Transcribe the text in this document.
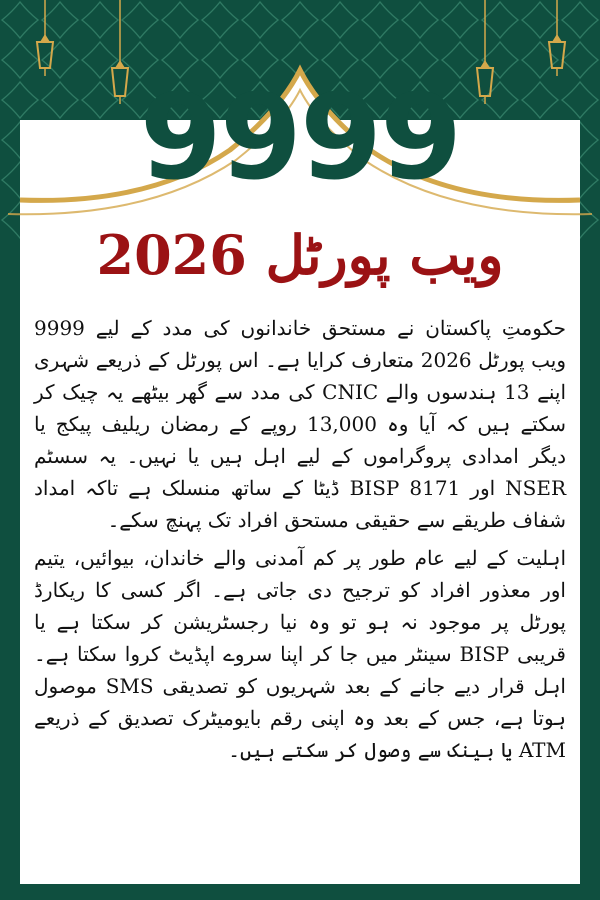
9999
ویب پورٹل 2026

حکومتِ پاکستان نے مستحق خاندانوں کی مدد کے لیے 9999 ویب پورٹل 2026 متعارف کرایا ہے۔ اس پورٹل کے ذریعے شہری اپنے 13 ہندسوں والے CNIC کی مدد سے گھر بیٹھے یہ چیک کر سکتے ہیں کہ آیا وہ 13,000 روپے کے رمضان ریلیف پیکج یا دیگر امدادی پروگراموں کے لیے اہل ہیں یا نہیں۔ یہ سسٹم NSER اور BISP 8171 ڈیٹا کے ساتھ منسلک ہے تاکہ امداد شفاف طریقے سے حقیقی مستحق افراد تک پہنچ سکے۔

اہلیت کے لیے عام طور پر کم آمدنی والے خاندان، بیوائیں، یتیم اور معذور افراد کو ترجیح دی جاتی ہے۔ اگر کسی کا ریکارڈ پورٹل پر موجود نہ ہو تو وہ نیا رجسٹریشن کر سکتا ہے یا قریبی BISP سینٹر میں جا کر اپنا سروے اپڈیٹ کروا سکتا ہے۔ اہل قرار دیے جانے کے بعد شہریوں کو تصدیقی SMS موصول ہوتا ہے، جس کے بعد وہ اپنی رقم بایومیٹرک تصدیق کے ذریعے ATM یا بینک سے وصول کر سکتے ہیں۔
